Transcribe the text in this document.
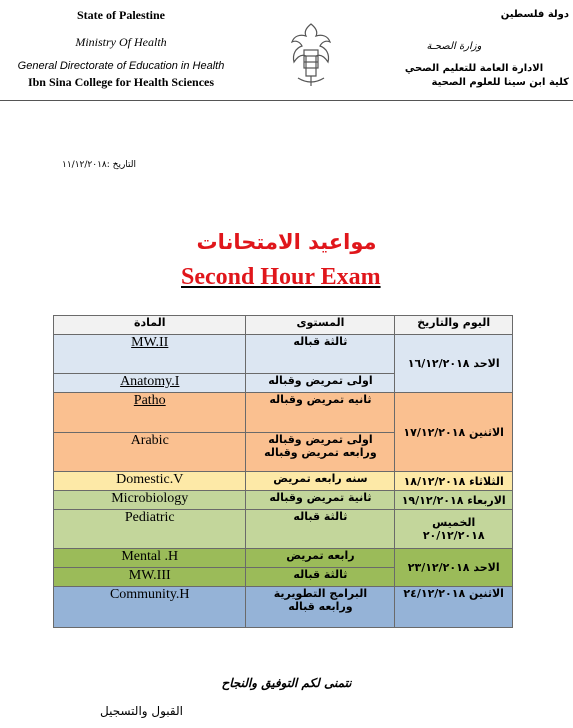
State of Palestine
Ministry Of Health
General Directorate of Education in Health
Ibn Sina College for Health Sciences
دولة فلسطين
وزارة الصحـة
الادارة العامة للتعليم الصحي
كلية ابن سينا للعلوم الصحية
التاريخ :١١/١٢/٢٠١٨
مواعيد الامتحانات
Second Hour Exam
المادة	المستوى	اليوم والتاريخ
MW.II	ثالثة قباله	الاحد ١٦/١٢/٢٠١٨
Anatomy.I	اولى تمريض وقباله	
Patho	ثانيه تمريض وقباله	الاثنين ١٧/١٢/٢٠١٨
Arabic	اولى تمريض وقباله
ورابعه تمريض وقباله	

Domestic.V	سنه رابعه تمريض	الثلاثاء ١٨/١٢/٢٠١٨
Microbiology	ثانية تمريض وقباله	الاربعاء ١٩/١٢/٢٠١٨
Pediatric	ثالثة قباله	الخميس
٢٠/١٢/٢٠١٨

Mental .H	رابعه تمريض	الاحد ٢٣/١٢/٢٠١٨
MW.III	ثالثة قباله	
Community.H	البرامج التطويرية
ورابعه قباله	الاثنين ٢٤/١٢/٢٠١٨
نتمنى لكم التوفيق والنجاح
القبول والتسجيل
